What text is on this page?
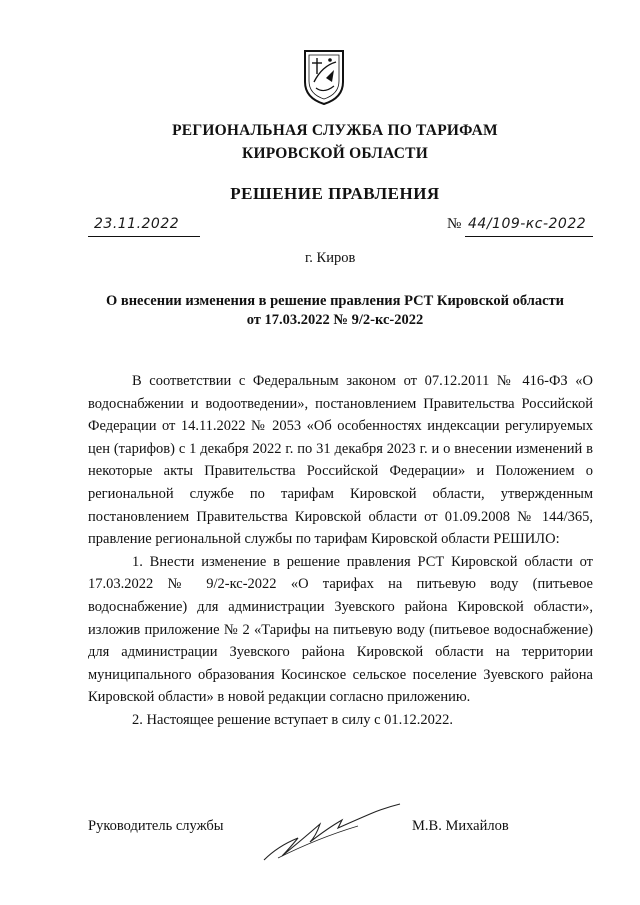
РЕГИОНАЛЬНАЯ СЛУЖБА ПО ТАРИФАМ
КИРОВСКОЙ ОБЛАСТИ
РЕШЕНИЕ ПРАВЛЕНИЯ
23.11.2022	№ 44/109-кс-2022
г. Киров
О внесении изменения в решение правления РСТ Кировской области от 17.03.2022 № 9/2-кс-2022

В соответствии с Федеральным законом от 07.12.2011 № 416-ФЗ «О водоснабжении и водоотведении», постановлением Правительства Российской Федерации от 14.11.2022 № 2053 «Об особенностях индексации регулируемых цен (тарифов) с 1 декабря 2022 г. по 31 декабря 2023 г. и о внесении изменений в некоторые акты Правительства Российской Федерации» и Положением о региональной службе по тарифам Кировской области, утвержденным постановлением Правительства Кировской области от 01.09.2008 № 144/365, правление региональной службы по тарифам Кировской области РЕШИЛО:

1. Внести изменение в решение правления РСТ Кировской области от 17.03.2022 № 9/2-кс-2022 «О тарифах на питьевую воду (питьевое водоснабжение) для администрации Зуевского района Кировской области», изложив приложение № 2 «Тарифы на питьевую воду (питьевое водоснабжение) для администрации Зуевского района Кировской области на территории муниципального образования Косинское сельское поселение Зуевского района Кировской области» в новой редакции согласно приложению.

2. Настоящее решение вступает в силу с 01.12.2022.

Руководитель службы	М.В. Михайлов
